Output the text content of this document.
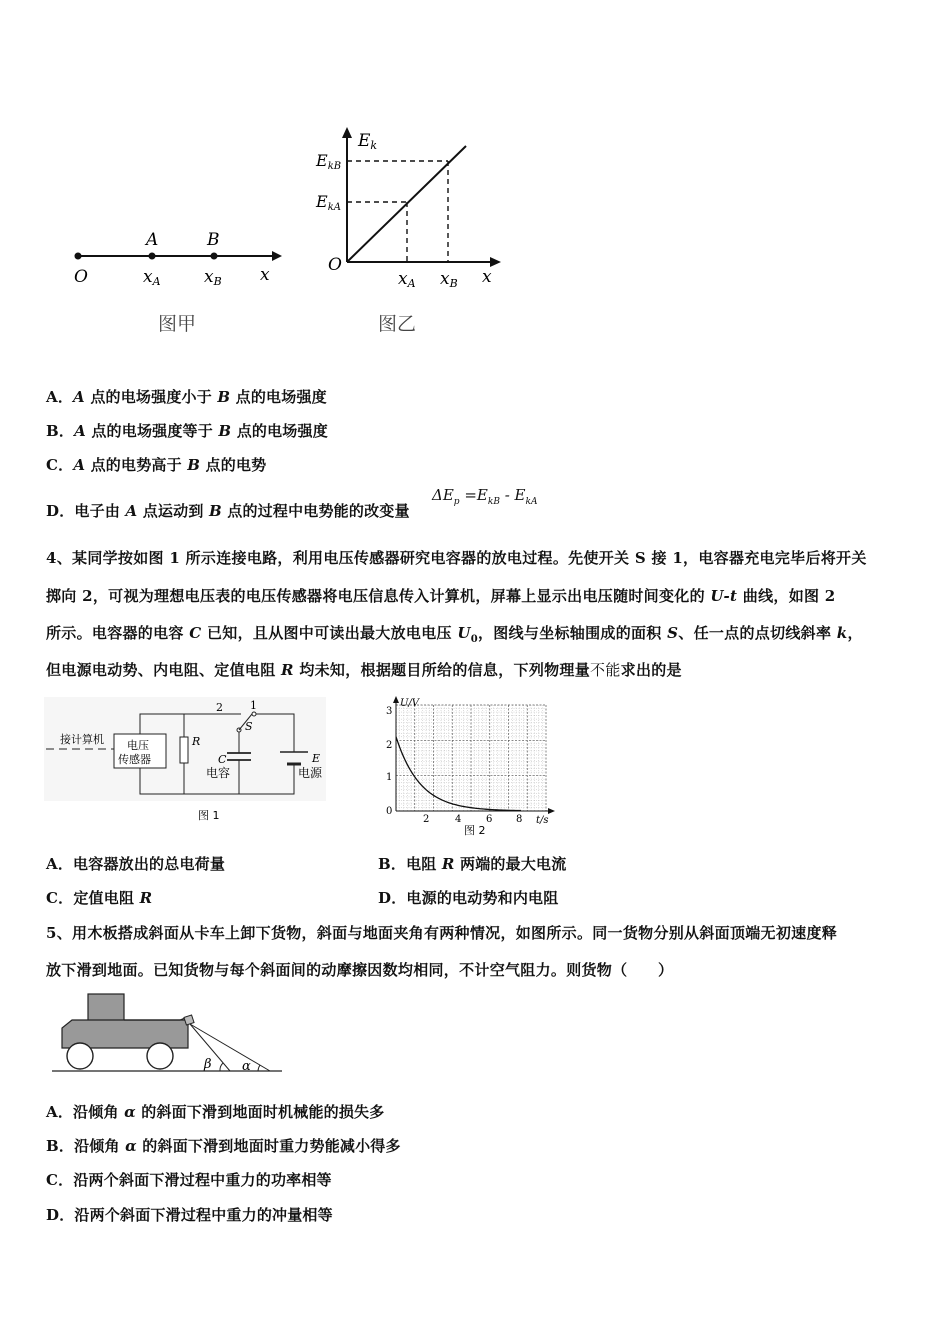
A	B
O	xA	xB x
图甲
Ek
EkB
EkA
O
xA xB x
图乙
A．A 点的电场强度小于 B 点的电场强度
B．A 点的电场强度等于 B 点的电场强度
C．A 点的电势高于 B 点的电势
D．电子由 A 点运动到 B 点的过程中电势能的改变量
$\Delta E_p =E_{kB} - E_{kA}$
4、某同学按如图 1 所示连接电路，利用电压传感器研究电容器的放电过程。先使开关 S 接 1，电容器充电完毕后将开关
掷向 2，可视为理想电压表的电压传感器将电压信息传入计算机，屏幕上显示出电压随时间变化的 U-t 曲线，如图 2
所示。电容器的电容 C 已知，且从图中可读出最大放电电压 $U_0$，图线与坐标轴围成的面积 S、任一点的点切线斜率 k，
但电源电动势、内电阻、定值电阻 R 均未知，根据题目所给的信息，下列物理量不能求出的是
接计算机 电压
传感器
R
1
2
S
C
电容
E
电源
图 1
U/V
0
1
2
3
2	4 6 8 t/s
图 2
A．电容器放出的总电荷量	B．电阻 R 两端的最大电流
C．定值电阻 R	D．电源的电动势和内电阻
5、用木板搭成斜面从卡车上卸下货物，斜面与地面夹角有两种情况，如图所示。同一货物分别从斜面顶端无初速度释
放下滑到地面。已知货物与每个斜面间的动摩擦因数均相同，不计空气阻力。则货物（　　）
β α
A．沿倾角 α 的斜面下滑到地面时机械能的损失多
B．沿倾角 α 的斜面下滑到地面时重力势能减小得多
C．沿两个斜面下滑过程中重力的功率相等
D．沿两个斜面下滑过程中重力的冲量相等
